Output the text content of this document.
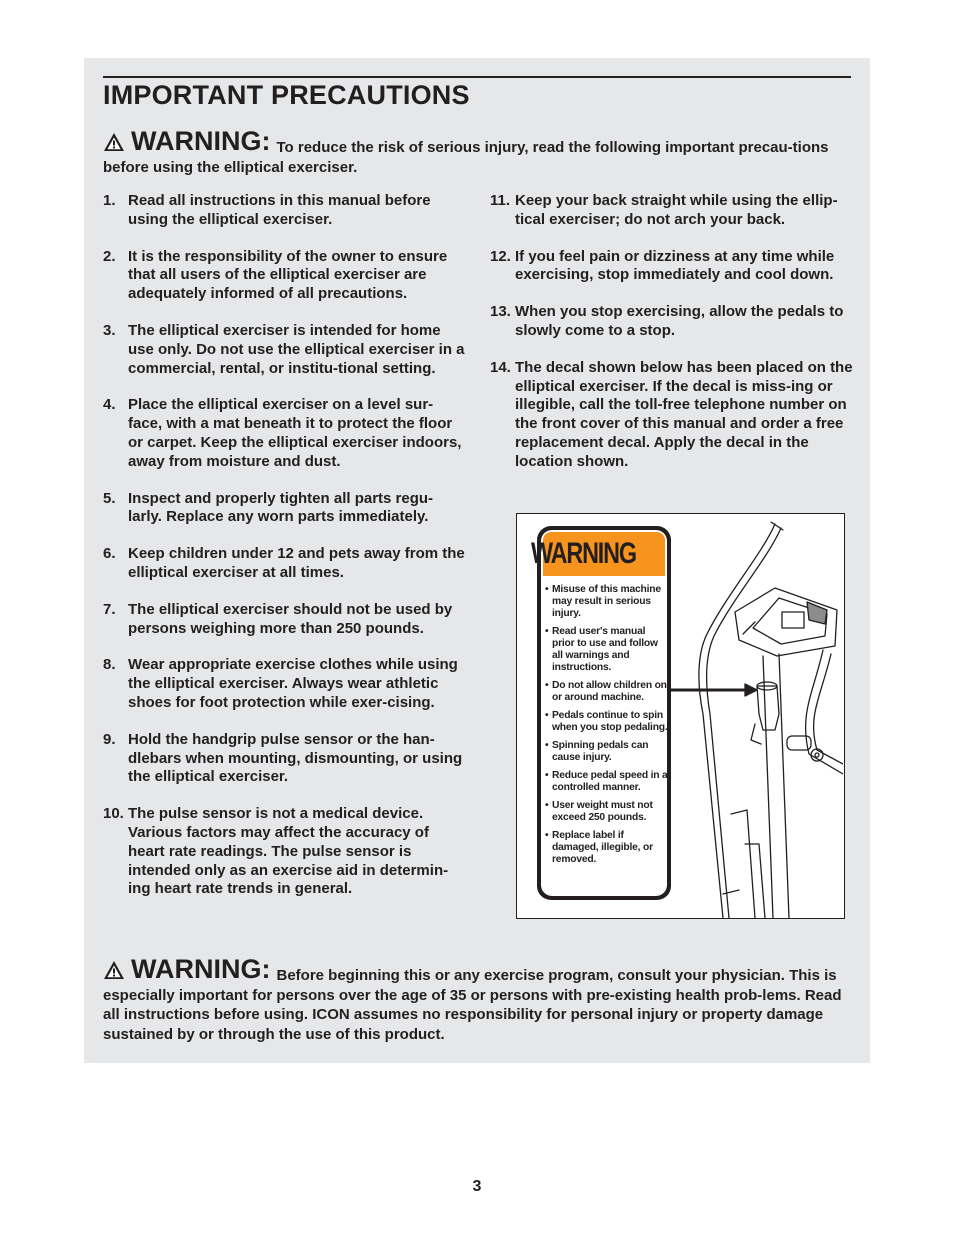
IMPORTANT PRECAUTIONS
WARNING: To reduce the risk of serious injury, read the following important precau-tions before using the elliptical exerciser.
1. Read all instructions in this manual before using the elliptical exerciser.
2. It is the responsibility of the owner to ensure that all users of the elliptical exerciser are adequately informed of all precautions.
3. The elliptical exerciser is intended for home use only. Do not use the elliptical exerciser in a commercial, rental, or institu-tional setting.
4. Place the elliptical exerciser on a level sur-face, with a mat beneath it to protect the floor or carpet. Keep the elliptical exerciser indoors, away from moisture and dust.
5. Inspect and properly tighten all parts regu-larly. Replace any worn parts immediately.
6. Keep children under 12 and pets away from the elliptical exerciser at all times.
7. The elliptical exerciser should not be used by persons weighing more than 250 pounds.
8. Wear appropriate exercise clothes while using the elliptical exerciser. Always wear athletic shoes for foot protection while exer-cising.
9. Hold the handgrip pulse sensor or the han-dlebars when mounting, dismounting, or using the elliptical exerciser.
10. The pulse sensor is not a medical device. Various factors may affect the accuracy of heart rate readings. The pulse sensor is intended only as an exercise aid in determin-ing heart rate trends in general.
11. Keep your back straight while using the ellip-tical exerciser; do not arch your back.
12. If you feel pain or dizziness at any time while exercising, stop immediately and cool down.
13. When you stop exercising, allow the pedals to slowly come to a stop.
14. The decal shown below has been placed on the elliptical exerciser. If the decal is miss-ing or illegible, call the toll-free telephone number on the front cover of this manual and order a free replacement decal. Apply the decal in the location shown.
WARNING
• Misuse of this machine may result in serious injury.
• Read user's manual prior to use and follow all warnings and instructions.
• Do not allow children on or around machine.
• Pedals continue to spin when you stop pedaling.
• Spinning pedals can cause injury.
• Reduce pedal speed in a controlled manner.
• User weight must not exceed 250 pounds.
• Replace label if damaged, illegible, or removed.
WARNING: Before beginning this or any exercise program, consult your physician. This is especially important for persons over the age of 35 or persons with pre-existing health prob-lems. Read all instructions before using. ICON assumes no responsibility for personal injury or property damage sustained by or through the use of this product.
3
